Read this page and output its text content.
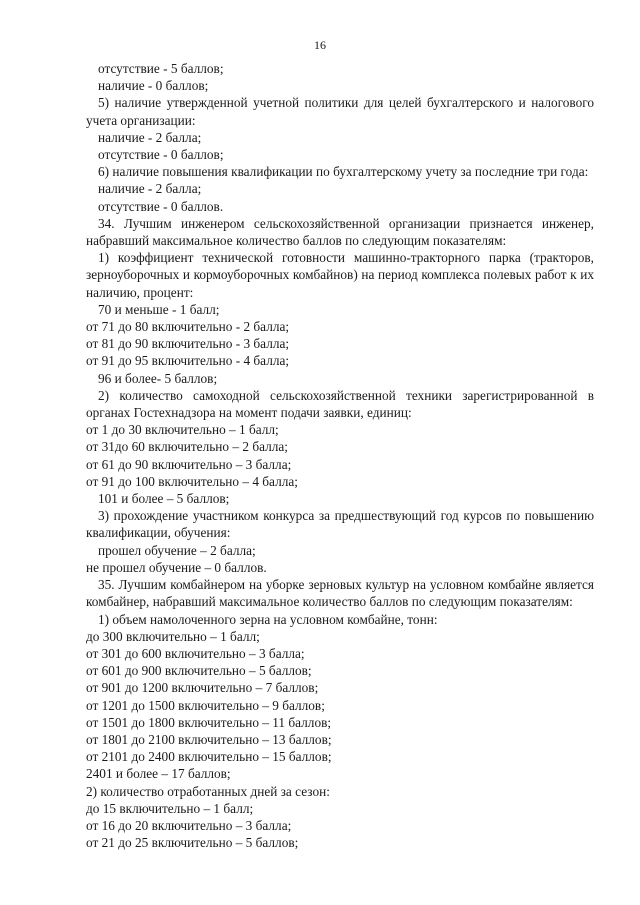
16
отсутствие - 5 баллов;
наличие - 0 баллов;
5) наличие утвержденной учетной политики для целей бухгалтерского и налогового учета организации:
наличие - 2 балла;
отсутствие - 0 баллов;
6) наличие повышения квалификации по бухгалтерскому учету за последние три года:
наличие - 2 балла;
отсутствие - 0 баллов.
34. Лучшим инженером сельскохозяйственной организации признается инженер, набравший максимальное количество баллов по следующим показателям:
1) коэффициент технической готовности машинно-тракторного парка (тракторов, зерноуборочных и кормоуборочных комбайнов) на период комплекса полевых работ к их наличию, процент:
70 и меньше - 1 балл;
от 71 до 80 включительно - 2 балла;
от 81 до 90 включительно - 3 балла;
от 91 до 95 включительно - 4 балла;
96 и более- 5 баллов;
2) количество самоходной сельскохозяйственной техники зарегистрированной в органах Гостехнадзора на момент подачи заявки, единиц:
от 1 до 30 включительно – 1 балл;
от 31до 60 включительно – 2 балла;
от 61 до 90 включительно – 3 балла;
от 91 до 100 включительно – 4 балла;
101 и более – 5 баллов;
3) прохождение участником конкурса за предшествующий год курсов по повышению квалификации, обучения:
прошел обучение – 2 балла;
не прошел обучение – 0 баллов.
35. Лучшим комбайнером на уборке зерновых культур на условном комбайне является комбайнер, набравший максимальное количество баллов по следующим показателям:
1) объем намолоченного зерна на условном комбайне, тонн:
до 300 включительно – 1 балл;
от 301 до 600 включительно – 3 балла;
от 601 до 900 включительно – 5 баллов;
от 901 до 1200 включительно – 7 баллов;
от 1201 до 1500 включительно – 9 баллов;
от 1501 до 1800 включительно – 11 баллов;
от 1801 до 2100 включительно – 13 баллов;
от 2101 до 2400 включительно – 15 баллов;
2401 и более – 17 баллов;
2) количество отработанных дней за сезон:
до 15 включительно – 1 балл;
от 16 до 20 включительно – 3 балла;
от 21 до 25 включительно – 5 баллов;
